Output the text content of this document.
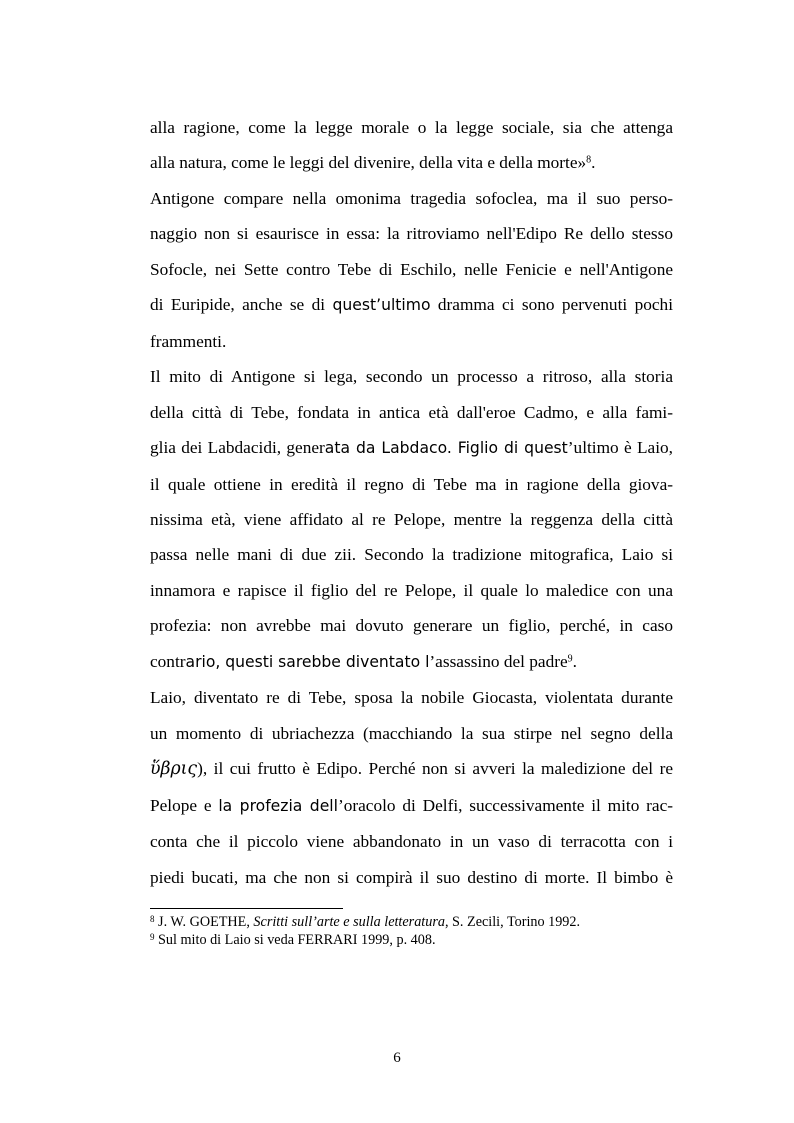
alla ragione, come la legge morale o la legge sociale, sia che attenga
alla natura, come le leggi del divenire, della vita e della morte»$^8$.
Antigone compare nella omonima tragedia sofoclea, ma il suo perso-
naggio non si esaurisce in essa: la ritroviamo nell'Edipo Re dello stesso
Sofocle, nei Sette contro Tebe di Eschilo, nelle Fenicie e nell'Antigone
di Euripide, anche se di quest’ultimo dramma ci sono pervenuti pochi
frammenti.
Il mito di Antigone si lega, secondo un processo a ritroso, alla storia
della città di Tebe, fondata in antica età dall'eroe Cadmo, e alla fami-
glia dei Labdacidi, generata da Labdaco. Figlio di quest’ultimo è Laio,
il quale ottiene in eredità il regno di Tebe ma in ragione della giova-
nissima età, viene affidato al re Pelope, mentre la reggenza della città
passa nelle mani di due zii. Secondo la tradizione mitografica, Laio si
innamora e rapisce il figlio del re Pelope, il quale lo maledice con una
profezia: non avrebbe mai dovuto generare un figlio, perché, in caso
contrario, questi sarebbe diventato l’assassino del padre$^9$.
Laio, diventato re di Tebe, sposa la nobile Giocasta, violentata durante
un momento di ubriachezza (macchiando la sua stirpe nel segno della
ὕβρις), il cui frutto è Edipo. Perché non si avveri la maledizione del re
Pelope e la profezia dell’oracolo di Delfi, successivamente il mito rac-
conta che il piccolo viene abbandonato in un vaso di terracotta con i
piedi bucati, ma che non si compirà il suo destino di morte. Il bimbo è
$^8$ J. W. GOETHE, Scritti sull’arte e sulla letteratura, S. Zecili, Torino 1992.
$^9$ Sul mito di Laio si veda FERRARI 1999, p. 408.
6
